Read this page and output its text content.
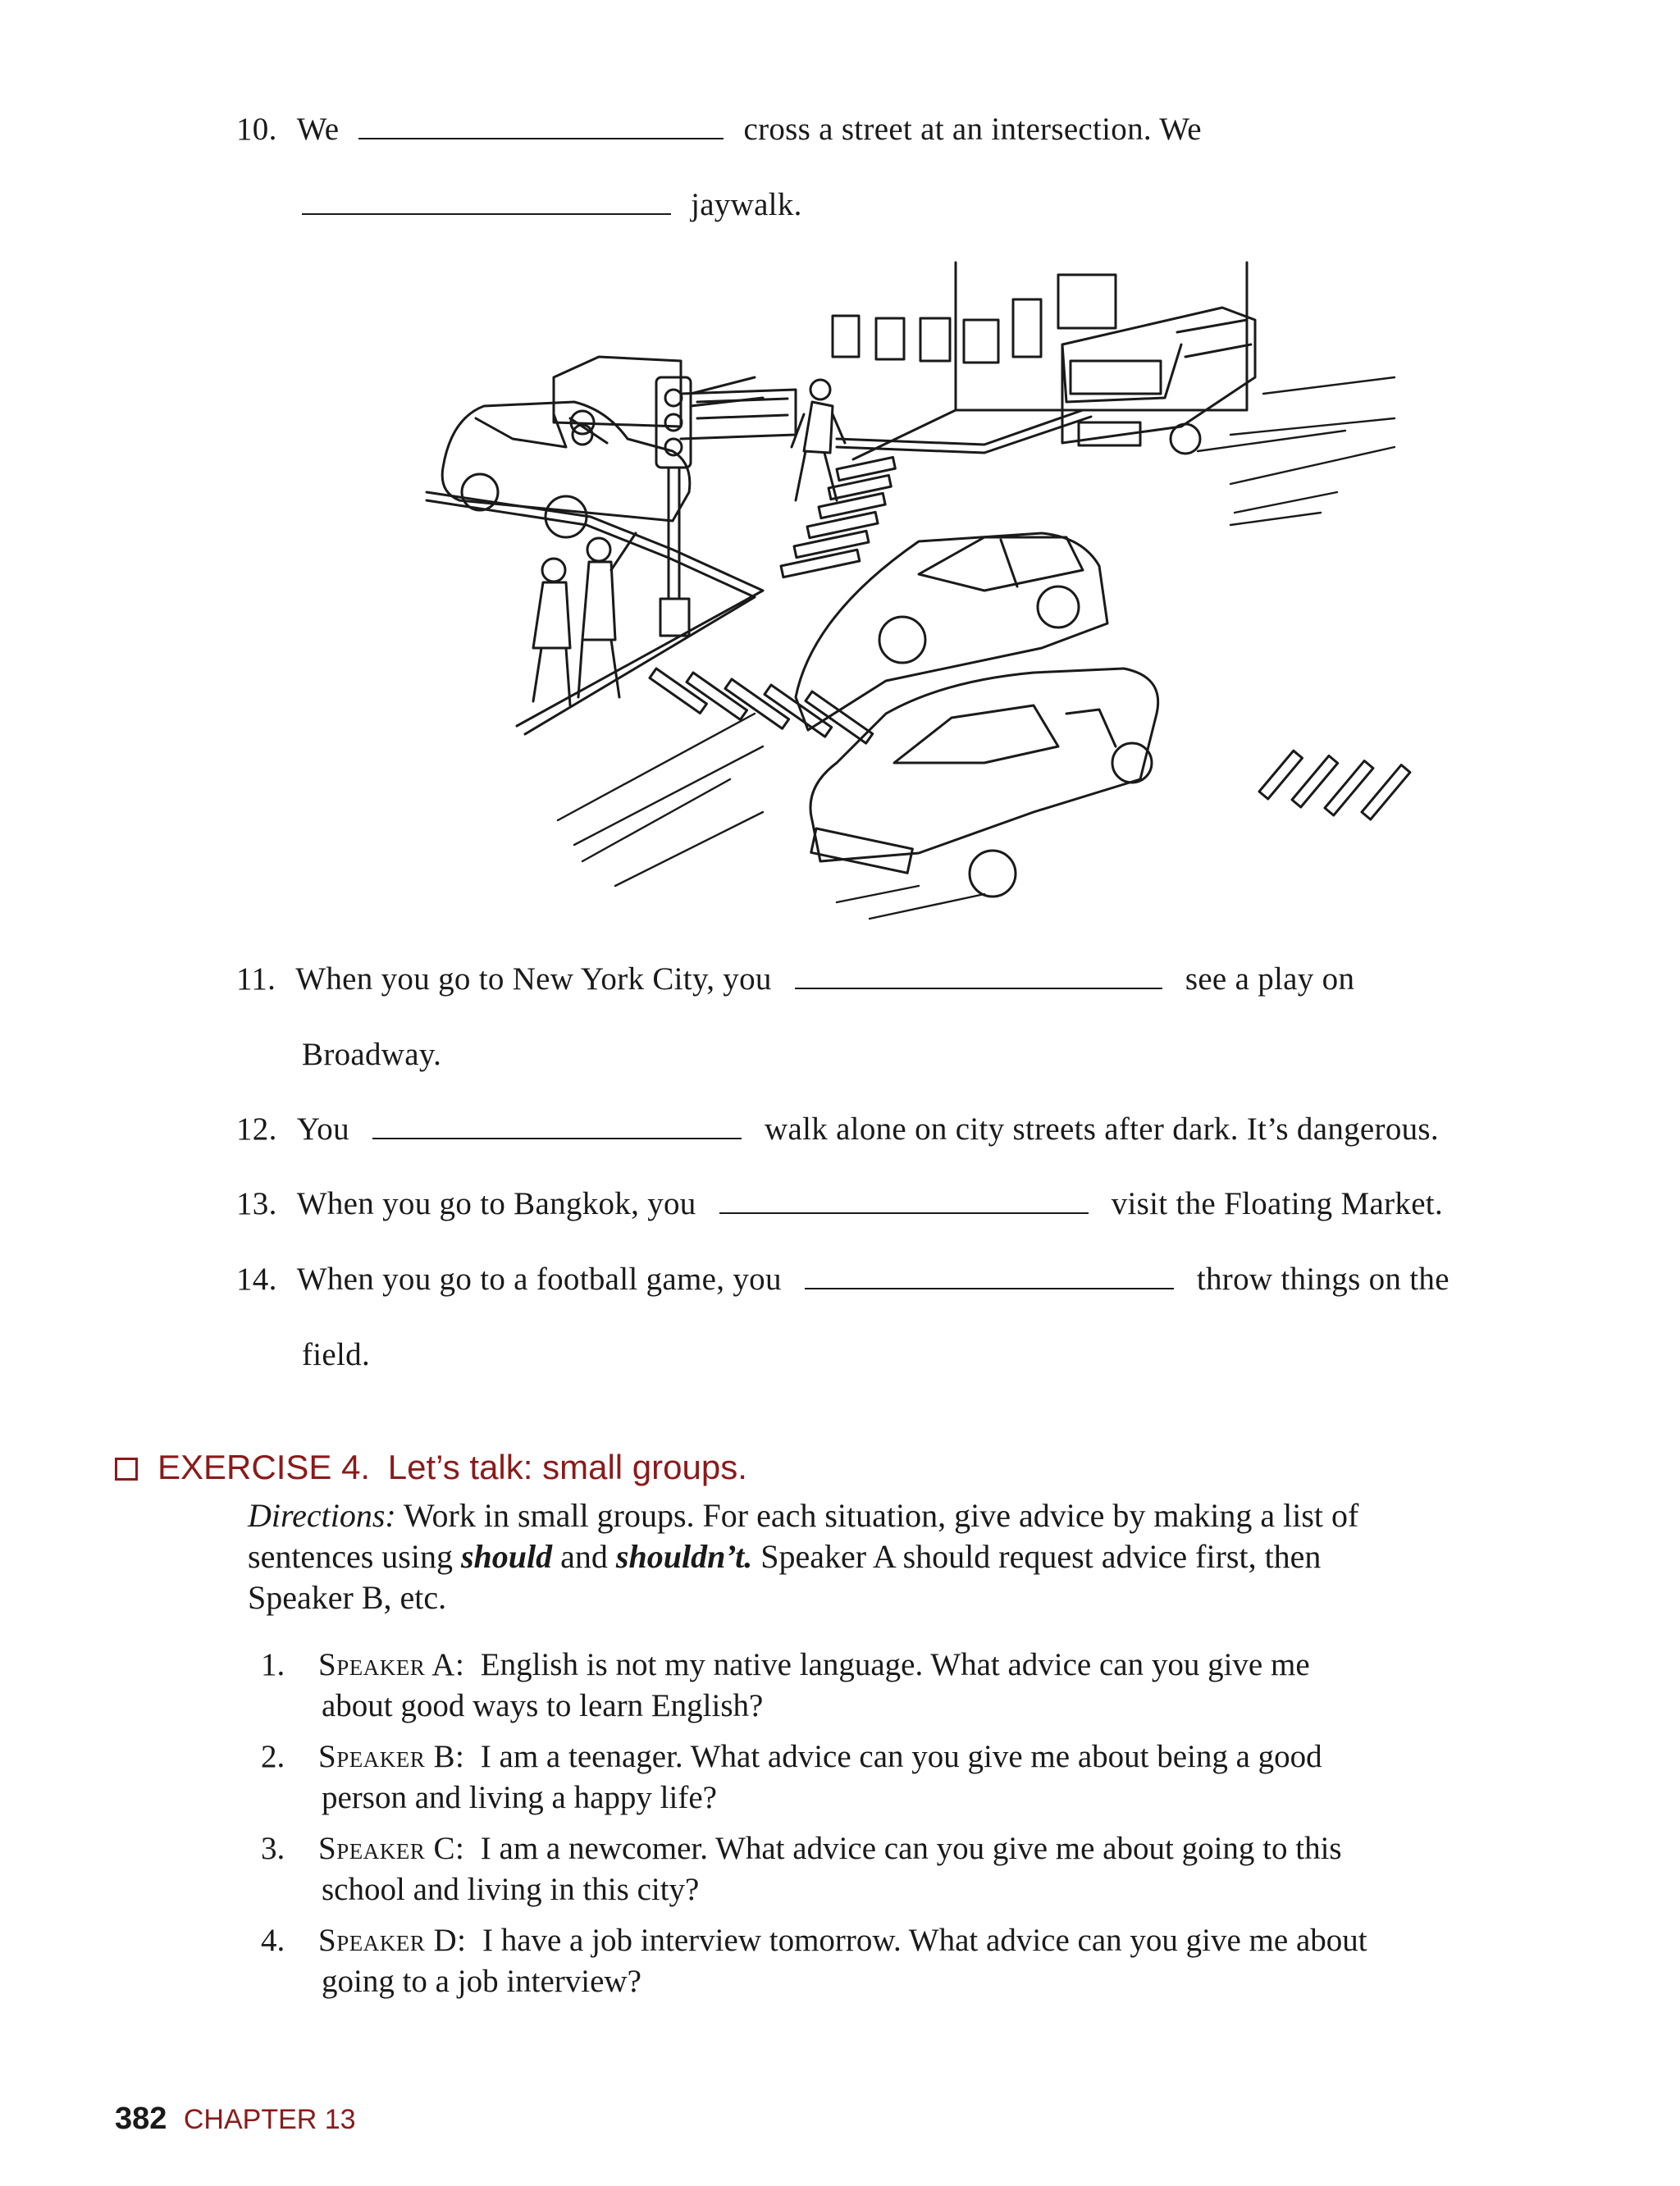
10. We	cross a street at an intersection. We
jaywalk.
11. When you go to New York City, you	see a play on
Broadway.
12. You	walk alone on city streets after dark. It’s dangerous.
13. When you go to Bangkok, you	visit the Floating Market.
14. When you go to a football game, you	throw things on the
field.
EXERCISE 4. Let’s talk: small groups.
Directions: Work in small groups. For each situation, give advice by making a list of
sentences using should and shouldn’t. Speaker A should request advice first, then
Speaker B, etc.
1. Speaker A: English is not my native language. What advice can you give me
about good ways to learn English?
2. Speaker B: I am a teenager. What advice can you give me about being a good
person and living a happy life?
3. Speaker C: I am a newcomer. What advice can you give me about going to this
school and living in this city?
4. Speaker D: I have a job interview tomorrow. What advice can you give me about
going to a job interview?
382 CHAPTER 13
